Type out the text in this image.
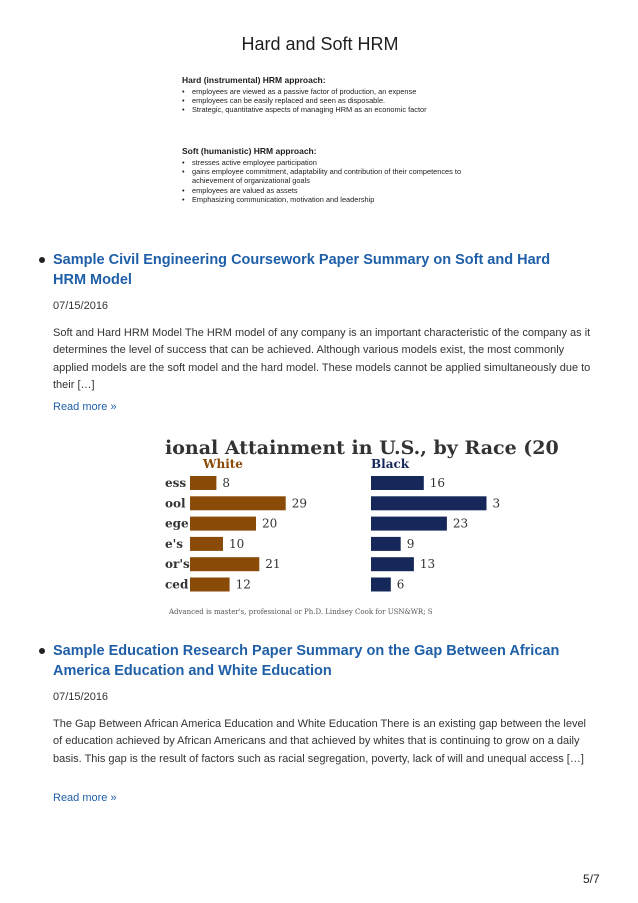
Hard and Soft HRM
Hard (instrumental) HRM approach:
• employees are viewed as a passive factor of production, an expense
• employees can be easily replaced and seen as disposable.
• Strategic, quantitative aspects of managing HRM as an economic factor
Soft (humanistic) HRM approach:
• stresses active employee participation
• gains employee commitment, adaptability and contribution of their competences to achievement of organizational goals
• employees are valued as assets
• Emphasizing communication, motivation and leadership
Sample Civil Engineering Coursework Paper Summary on Soft and Hard HRM Model
07/15/2016

Soft and Hard HRM Model The HRM model of any company is an important characteristic of the company as it determines the level of success that can be achieved. Although various models exist, the most commonly applied models are the soft model and the hard model. These models cannot be applied simultaneously due to their […]

Read more »
ional Attainment in U.S., by Race (20
White
8
29
20
10
21
12
Black
16
3
23
9
13
6
ess
ool
ege
e's
or's
ced
Advanced is master's, professional or Ph.D. Lindsey Cook for USN&WR; S
Sample Education Research Paper Summary on the Gap Between African America Education and White Education
07/15/2016

The Gap Between African America Education and White Education There is an existing gap between the level of education achieved by African Americans and that achieved by whites that is continuing to grow on a daily basis. This gap is the result of factors such as racial segregation, poverty, lack of will and unequal access […]

Read more »
5/7
